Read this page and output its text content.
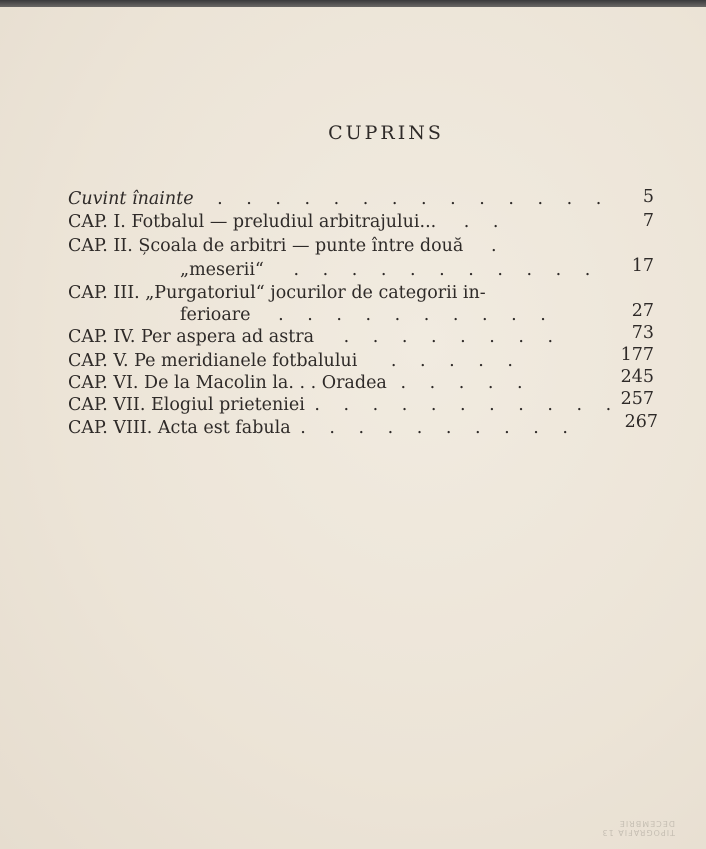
CUPRINS
Cuvint înainte . . . . . . . . . . . . . .	5
CAP. I. Fotbalul — preludiul arbitrajului... . .	7
CAP. II. Școala de arbitri — punte între două .
„meserii“ . . . . . . . . . . .	17
CAP. III. „Purgatoriul“ jocurilor de categorii in-
ferioare . . . . . . . . . .	27
CAP. IV. Per aspera ad astra . . . . . . . .	73
CAP. V. Pe meridianele fotbalului . . . . .	177
CAP. VI. De la Macolin la. . . Oradea . . . . .	245
CAP. VII. Elogiul prieteniei . . . . . . . . . . . 257
CAP. VIII. Acta est fabula . . . . . . . . . .	267
TIPOGRAFIA 13 DECEMBRIE
